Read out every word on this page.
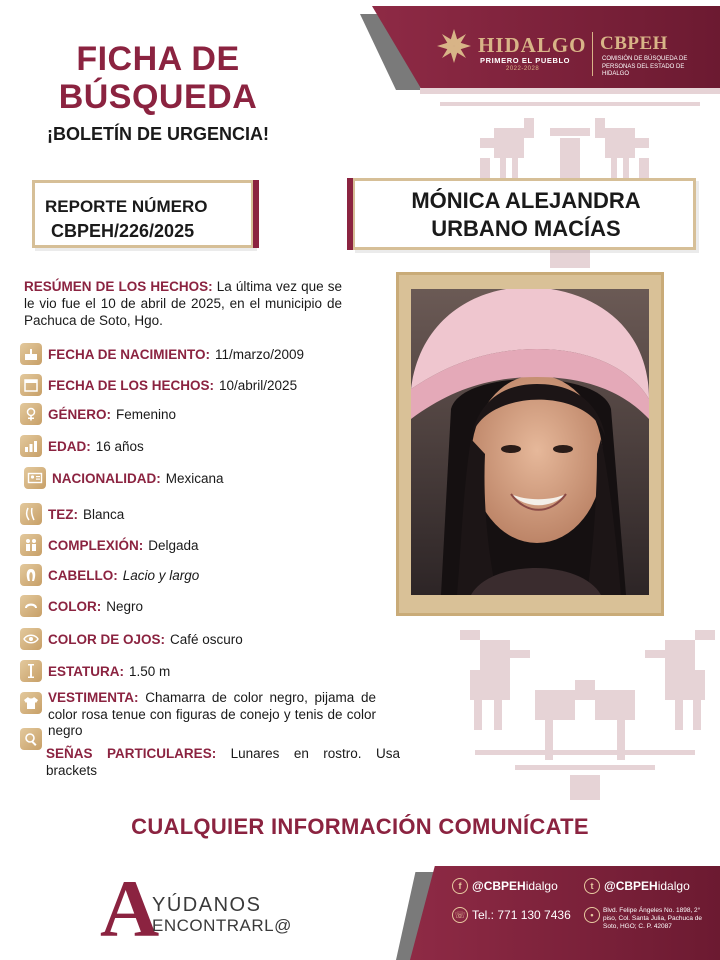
HIDALGO
PRIMERO EL PUEBLO
2022-2028
CBPEH
COMISIÓN DE BÚSQUEDA DE PERSONAS DEL ESTADO DE HIDALGO
FICHA DE
BÚSQUEDA
¡BOLETÍN DE URGENCIA!
REPORTE NÚMERO
CBPEH/226/2025
MÓNICA ALEJANDRA
URBANO MACÍAS
RESÚMEN DE LOS HECHOS: La última vez que se le vio fue el 10 de abril de 2025, en el municipio de Pachuca de Soto, Hgo.
FECHA DE NACIMIENTO: 11/marzo/2009
FECHA DE LOS HECHOS: 10/abril/2025
GÉNERO: Femenino
EDAD: 16 años
NACIONALIDAD: Mexicana
TEZ: Blanca
COMPLEXIÓN: Delgada
CABELLO: Lacio y largo
COLOR: Negro
COLOR DE OJOS: Café oscuro
ESTATURA: 1.50 m
VESTIMENTA: Chamarra de color negro, pijama de color rosa tenue con figuras de conejo y tenis de color negro
SEÑAS PARTICULARES: Lunares en rostro. Usa brackets
CUALQUIER INFORMACIÓN COMUNÍCATE
A
YÚDANOS
ENCONTRARL@
f @CBPEH idalgo	t @CBPEH idalgo
☏ Tel.: 771 130 7436	•	Blvd. Felipe Ángeles No. 1898, 2° piso, Col. Santa Julia, Pachuca de Soto, HGO; C. P. 42087
